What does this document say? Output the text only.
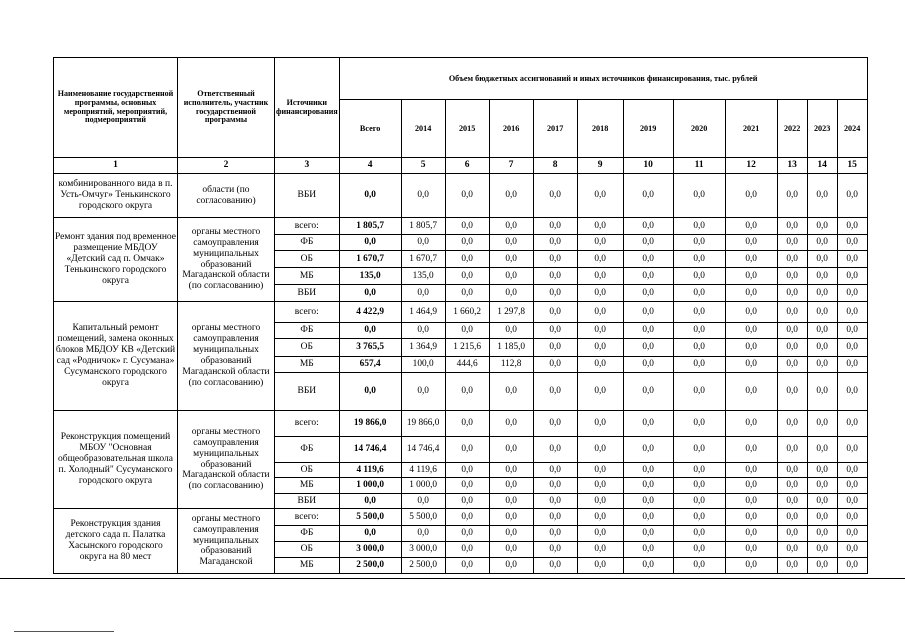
Наименование государственной программы, основных мероприятий, мероприятий, подмероприятий	Ответственный исполнитель, участник государственной программы	Источники финансирования	Объем бюджетных ассигнований и иных источников финансирования, тыс. рублей											
			Всего	2014	2015	2016	2017	2018	2019	2020	2021	2022	2023	2024
1	2	3	4	5	6	7	8	9	10	11	12	13	14	15
комбинированного вида в п. Усть-Омчуг» Тенькинского городского округа	области (по согласованию)	ВБИ	0,0	0,0	0,0	0,0	0,0	0,0	0,0	0,0	0,0	0,0	0,0	0,0
Ремонт здания под временное размещение МБДОУ «Детский сад п. Омчак» Тенькинского городского округа	органы местного самоуправления муниципальных образований Магаданской области (по согласованию)	всего:	1 805,7	1 805,7	0,0	0,0	0,0	0,0	0,0	0,0	0,0	0,0	0,0	0,0
		ФБ	0,0	0,0	0,0	0,0	0,0	0,0	0,0	0,0	0,0	0,0	0,0	0,0
		ОБ	1 670,7	1 670,7	0,0	0,0	0,0	0,0	0,0	0,0	0,0	0,0	0,0	0,0
		МБ	135,0	135,0	0,0	0,0	0,0	0,0	0,0	0,0	0,0	0,0	0,0	0,0
		ВБИ	0,0	0,0	0,0	0,0	0,0	0,0	0,0	0,0	0,0	0,0	0,0	0,0
Капитальный ремонт помещений, замена оконных блоков МБДОУ КВ «Детский сад «Родничок» г. Сусумана» Сусуманского городского округа	органы местного самоуправления муниципальных образований Магаданской области (по согласованию)	всего:	4 422,9	1 464,9	1 660,2	1 297,8	0,0	0,0	0,0	0,0	0,0	0,0	0,0	0,0
		ФБ	0,0	0,0	0,0	0,0	0,0	0,0	0,0	0,0	0,0	0,0	0,0	0,0
		ОБ	3 765,5	1 364,9	1 215,6	1 185,0	0,0	0,0	0,0	0,0	0,0	0,0	0,0	0,0
		МБ	657,4	100,0	444,6	112,8	0,0	0,0	0,0	0,0	0,0	0,0	0,0	0,0
		ВБИ	0,0	0,0	0,0	0,0	0,0	0,0	0,0	0,0	0,0	0,0	0,0	0,0
Реконструкция помещений МБОУ "Основная общеобразовательная школа п. Холодный" Сусуманского городского округа	органы местного самоуправления муниципальных образований Магаданской области (по согласованию)	всего:	19 866,0	19 866,0	0,0	0,0	0,0	0,0	0,0	0,0	0,0	0,0	0,0	0,0
		ФБ	14 746,4	14 746,4	0,0	0,0	0,0	0,0	0,0	0,0	0,0	0,0	0,0	0,0
		ОБ	4 119,6	4 119,6	0,0	0,0	0,0	0,0	0,0	0,0	0,0	0,0	0,0	0,0
		МБ	1 000,0	1 000,0	0,0	0,0	0,0	0,0	0,0	0,0	0,0	0,0	0,0	0,0
		ВБИ	0,0	0,0	0,0	0,0	0,0	0,0	0,0	0,0	0,0	0,0	0,0	0,0
Реконструкция здания детского сада п. Палатка Хасынского городского округа на 80 мест	органы местного самоуправления муниципальных образований Магаданской	всего:	5 500,0	5 500,0	0,0	0,0	0,0	0,0	0,0	0,0	0,0	0,0	0,0	0,0
		ФБ	0,0	0,0	0,0	0,0	0,0	0,0	0,0	0,0	0,0	0,0	0,0	0,0
		ОБ	3 000,0	3 000,0	0,0	0,0	0,0	0,0	0,0	0,0	0,0	0,0	0,0	0,0
		МБ	2 500,0	2 500,0	0,0	0,0	0,0	0,0	0,0	0,0	0,0	0,0	0,0	0,0
